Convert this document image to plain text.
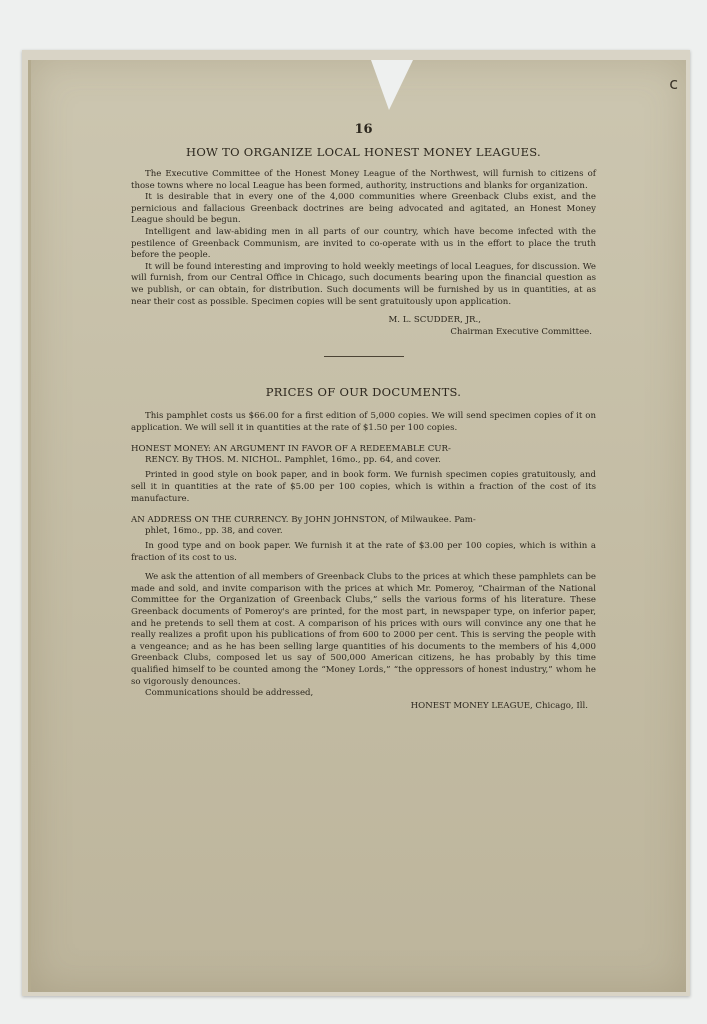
c
16
HOW TO ORGANIZE LOCAL HONEST MONEY LEAGUES.

The Executive Committee of the Honest Money League of the Northwest, will furnish to citizens of those towns where no local League has been formed, authority, instructions and blanks for organization.

It is desirable that in every one of the 4,000 communities where Greenback Clubs exist, and the pernicious and fallacious Greenback doctrines are being advocated and agitated, an Honest Money League should be begun.

Intelligent and law-abiding men in all parts of our country, which have become infected with the pestilence of Greenback Communism, are invited to co-operate with us in the effort to place the truth before the people.

It will be found interesting and improving to hold weekly meetings of local Leagues, for discussion. We will furnish, from our Central Office in Chicago, such documents bearing upon the financial question as we publish, or can obtain, for distribution. Such documents will be furnished by us in quantities, at as near their cost as possible. Specimen copies will be sent gratuitously upon application.

M. L. SCUDDER, JR.,
Chairman Executive Committee.
PRICES OF OUR DOCUMENTS.

This pamphlet costs us $66.00 for a first edition of 5,000 copies. We will send specimen copies of it on application. We will sell it in quantities at the rate of $1.50 per 100 copies.

HONEST MONEY: AN ARGUMENT IN FAVOR OF A REDEEMABLE CUR-
RENCY. By THOS. M. NICHOL. Pamphlet, 16mo., pp. 64, and cover.

Printed in good style on book paper, and in book form. We furnish specimen copies gratuitously, and sell it in quantities at the rate of $5.00 per 100 copies, which is within a fraction of the cost of its manufacture.

AN ADDRESS ON THE CURRENCY. By JOHN JOHNSTON, of Milwaukee. Pam-
phlet, 16mo., pp. 38, and cover.

In good type and on book paper. We furnish it at the rate of $3.00 per 100 copies, which is within a fraction of its cost to us.

We ask the attention of all members of Greenback Clubs to the prices at which these pamphlets can be made and sold, and invite comparison with the prices at which Mr. Pomeroy, “Chairman of the National Committee for the Organization of Greenback Clubs,” sells the various forms of his literature. These Greenback documents of Pomeroy's are printed, for the most part, in newspaper type, on inferior paper, and he pretends to sell them at cost. A comparison of his prices with ours will convince any one that he really realizes a profit upon his publications of from 600 to 2000 per cent. This is serving the people with a vengeance; and as he has been selling large quantities of his documents to the members of his 4,000 Greenback Clubs, composed let us say of 500,000 American citizens, he has probably by this time qualified himself to be counted among the “Money Lords,” “the oppressors of honest industry,” whom he so vigorously denounces.

Communications should be addressed,

HONEST MONEY LEAGUE, Chicago, Ill.
